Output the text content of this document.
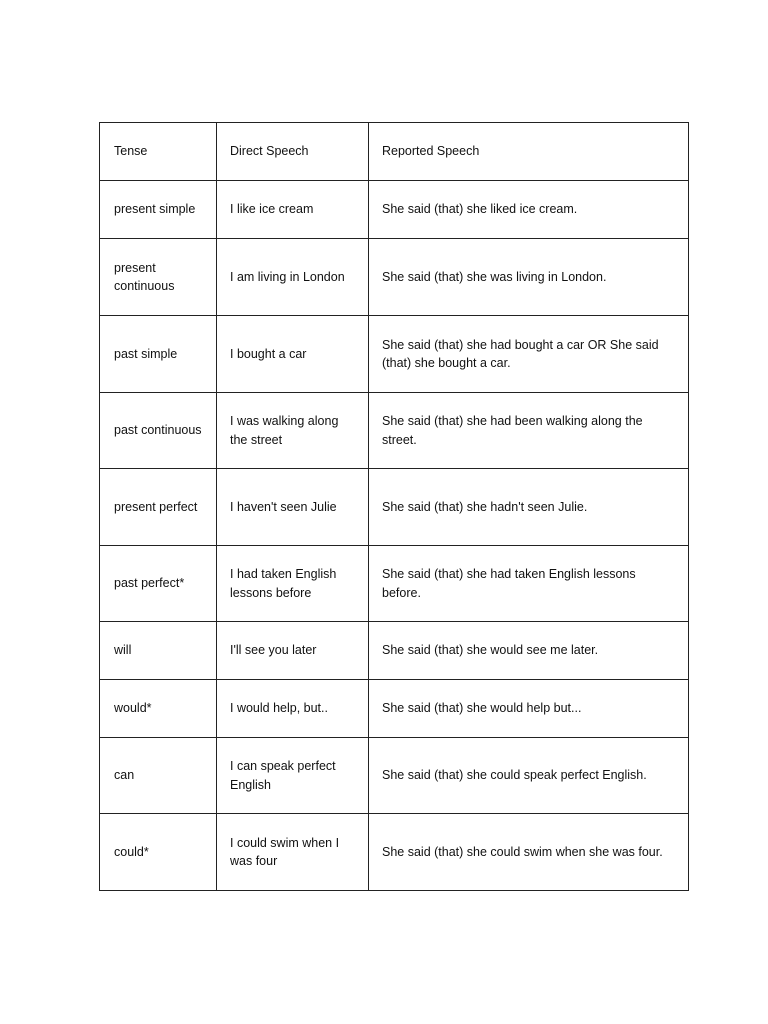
Tense	Direct Speech	Reported Speech
present simple	I like ice cream	She said (that) she liked ice cream.
present continuous	I am living in London	She said (that) she was living in London.
past simple	I bought a car	She said (that) she had bought a car OR She said (that) she bought a car.
past continuous	I was walking along the street	She said (that) she had been walking along the street.
present perfect	I haven't seen Julie	She said (that) she hadn't seen Julie.
past perfect*	I had taken English lessons before	She said (that) she had taken English lessons before.
will	I'll see you later	She said (that) she would see me later.
would*	I would help, but..	She said (that) she would help but...
can	I can speak perfect English	She said (that) she could speak perfect English.
could*	I could swim when I was four	She said (that) she could swim when she was four.
